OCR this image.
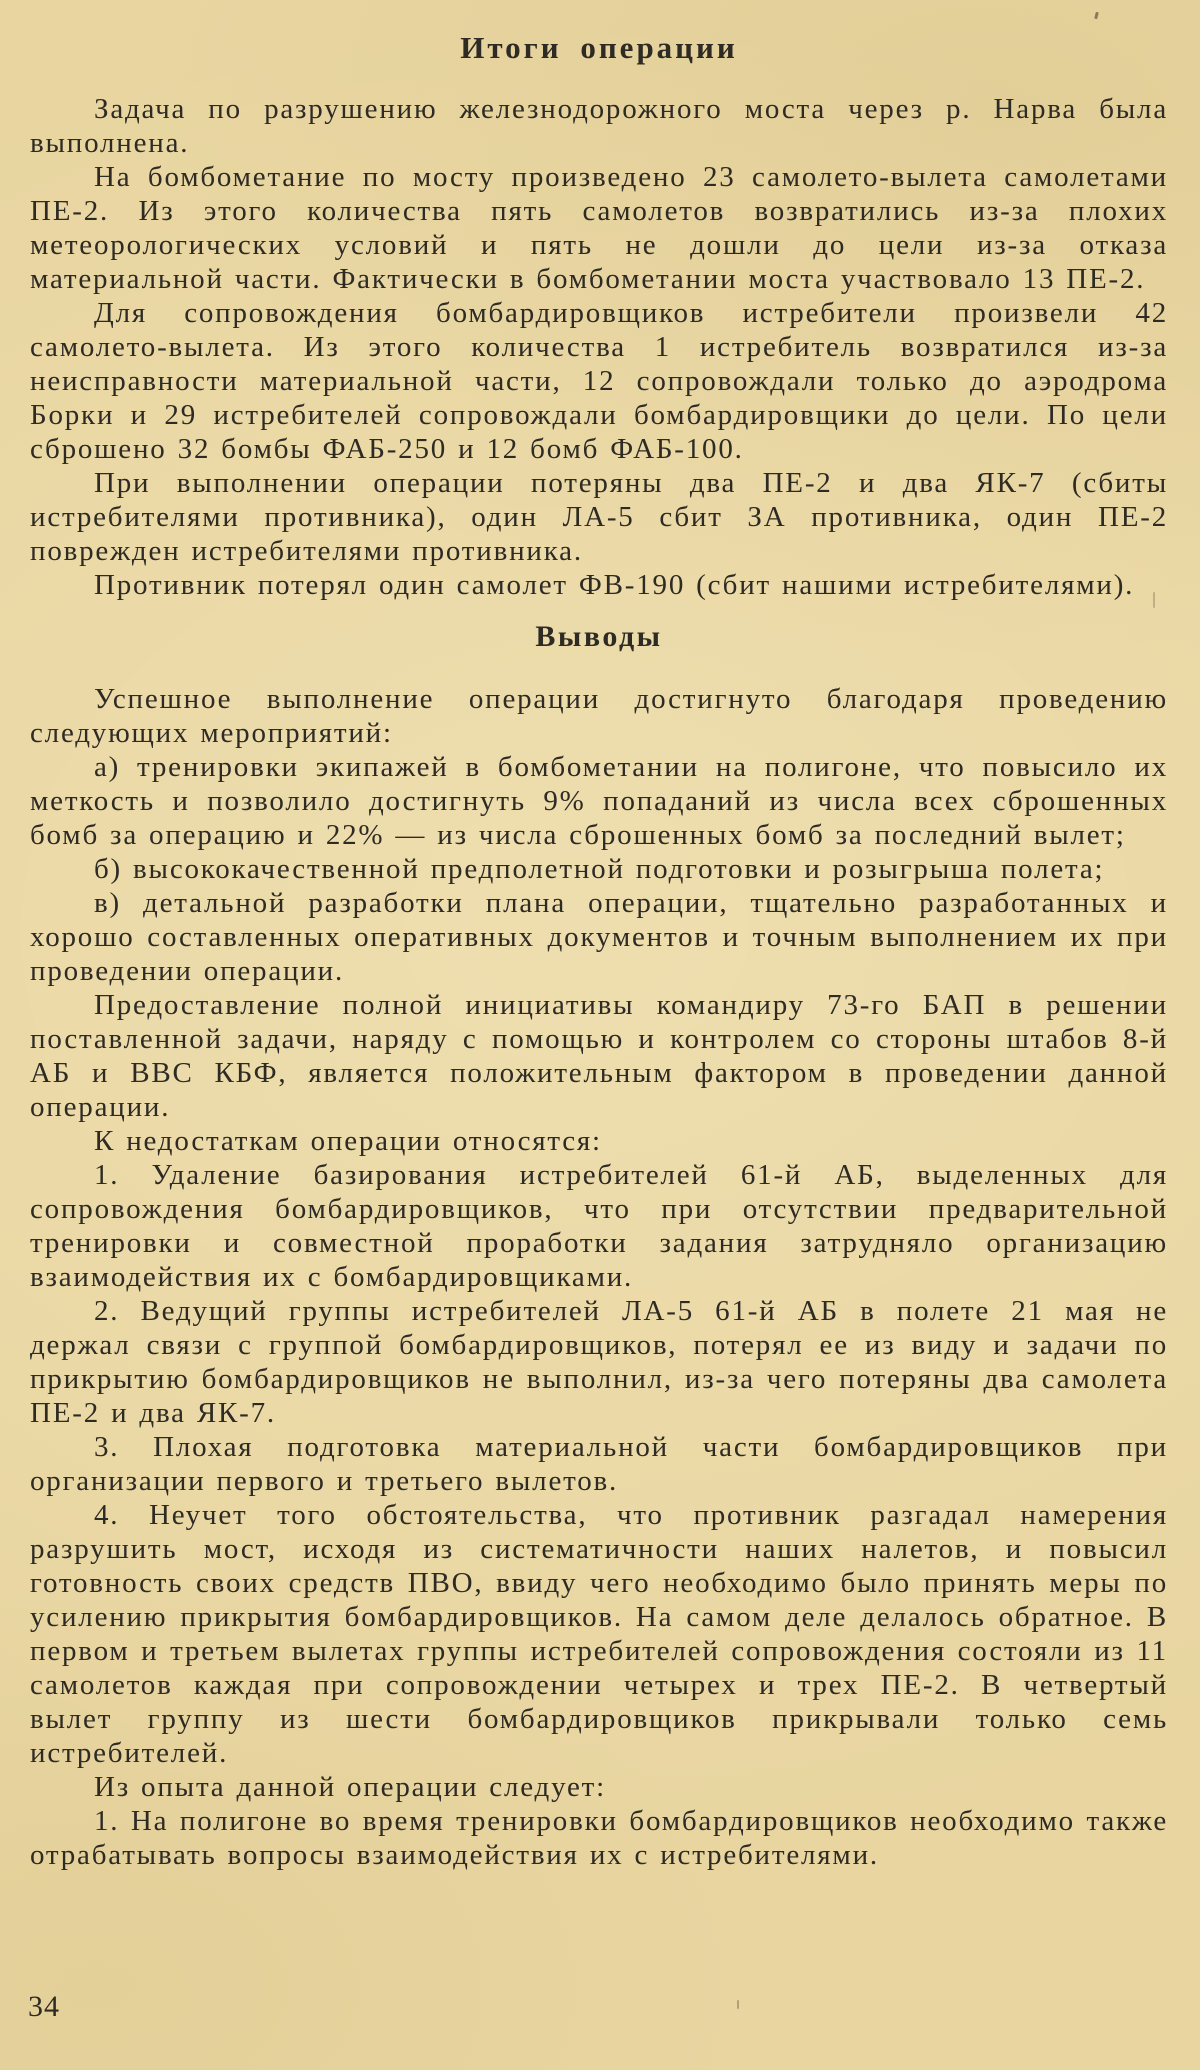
Итоги операции

Задача по разрушению железнодорожного моста через р. Нарва была выполнена.

На бомбометание по мосту произведено 23 самолето-вылета самолетами ПЕ-2. Из этого количества пять самолетов возвратились из-за плохих метеорологических условий и пять не дошли до цели из-за отказа материальной части. Фактически в бомбометании моста участвовало 13 ПЕ-2.

Для сопровождения бомбардировщиков истребители произвели 42 самолето-вылета. Из этого количества 1 истребитель возвратился из-за неисправности материальной части, 12 сопровождали только до аэродрома Борки и 29 истребителей сопровождали бомбардировщики до цели. По цели сброшено 32 бомбы ФАБ-250 и 12 бомб ФАБ-100.

При выполнении операции потеряны два ПЕ-2 и два ЯК-7 (сбиты истребителями противника), один ЛА-5 сбит ЗА противника, один ПЕ-2 поврежден истребителями противника.

Противник потерял один самолет ФВ-190 (сбит нашими истребителями).

Выводы

Успешное выполнение операции достигнуто благодаря проведению следующих мероприятий:

а) тренировки экипажей в бомбометании на полигоне, что повысило их меткость и позволило достигнуть 9% попаданий из числа всех сброшенных бомб за операцию и 22% — из числа сброшенных бомб за последний вылет;

б) высококачественной предполетной подготовки и розыгрыша полета;

в) детальной разработки плана операции, тщательно разработанных и хорошо составленных оперативных документов и точным выполнением их при проведении операции.

Предоставление полной инициативы командиру 73-го БАП в решении поставленной задачи, наряду с помощью и контролем со стороны штабов 8-й АБ и ВВС КБФ, является положительным фактором в проведении данной операции.

К недостаткам операции относятся:

1. Удаление базирования истребителей 61-й АБ, выделенных для сопровождения бомбардировщиков, что при отсутствии предварительной тренировки и совместной проработки задания затрудняло организацию взаимодействия их с бомбардировщиками.

2. Ведущий группы истребителей ЛА-5 61-й АБ в полете 21 мая не держал связи с группой бомбардировщиков, потерял ее из виду и задачи по прикрытию бомбардировщиков не выполнил, из-за чего потеряны два самолета ПЕ-2 и два ЯК-7.

3. Плохая подготовка материальной части бомбардировщиков при организации первого и третьего вылетов.

4. Неучет того обстоятельства, что противник разгадал намерения разрушить мост, исходя из систематичности наших налетов, и повысил готовность своих средств ПВО, ввиду чего необходимо было принять меры по усилению прикрытия бомбардировщиков. На самом деле делалось обратное. В первом и третьем вылетах группы истребителей сопровождения состояли из 11 самолетов каждая при сопровождении четырех и трех ПЕ-2. В четвертый вылет группу из шести бомбардировщиков прикрывали только семь истребителей.

Из опыта данной операции следует:

1. На полигоне во время тренировки бомбардировщиков необходимо также отрабатывать вопросы взаимодействия их с истребителями.

34
